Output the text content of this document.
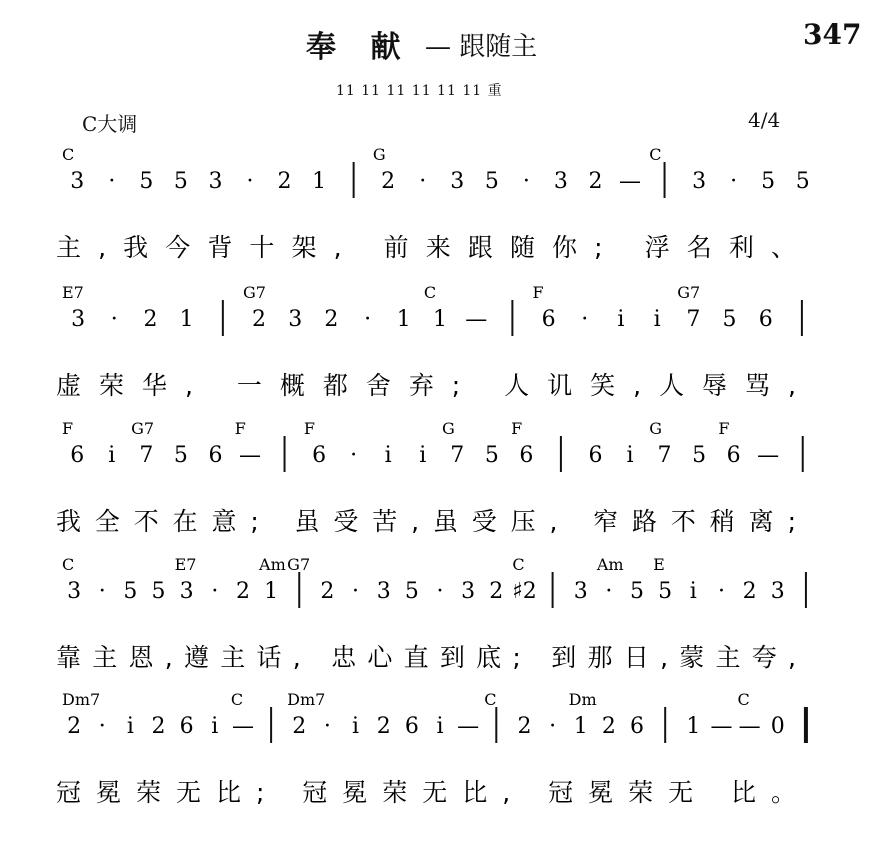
奉 献 — 跟随主	347
11 11 11 11 11 11 重
C大调	4/4
3 · 5 5 3 · 2 1	2 · 3 5 · 3 2 — 3 · 5 5
C	G	C
主,我今背十架, 前来跟随你; 浮名利、
3 · 2 1	2 3 2 · 1 1 — 6 · i i 7 5 6
E7	G7	C	F	G7
虚荣华, 一概都舍弃; 人讥笑,人辱骂,
6 i 7 5 6 — 6 · i i 7 5 6	6 i 7 5 6 —
F	G7	F	F	G	F	G	F
我全不在意; 虽受苦,虽受压, 窄路不稍离;
3 · 5 5 3 · 2 1 2 · 3 5 · 3 2 ♯2 3 · 5 5 i · 2 3
C	E7	Am G7	C	Am E
靠主恩,遵主话, 忠心直到底; 到那日,蒙主夸,
2 · i 2 6 i — 2 · i 2 6 i — 2 · 1 2 6 1 — — 0
Dm7	C	Dm7	C	Dm	C
冠冕荣无比; 冠冕荣无比, 冠冕荣无 比。
